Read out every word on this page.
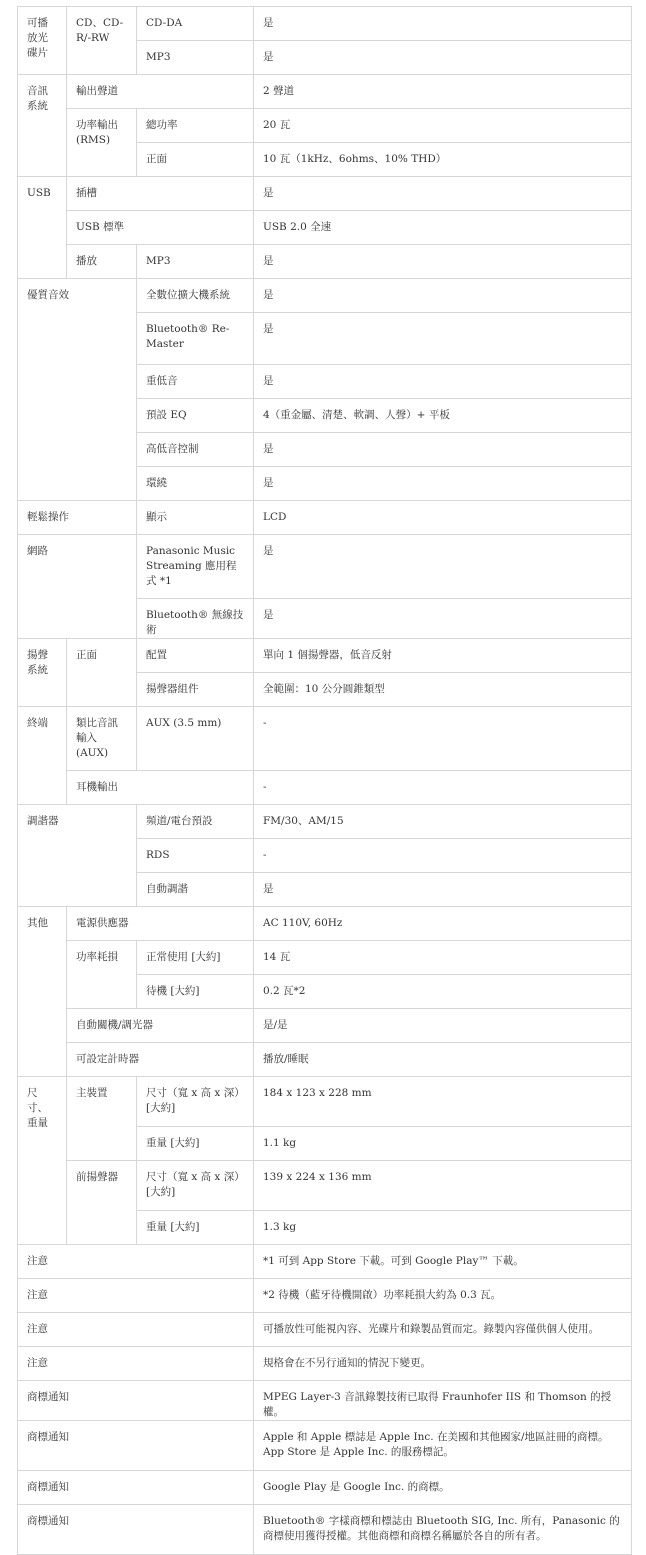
可播放光碟片	CD、CD-R/-RW	CD-DA	是
		MP3	是
音訊系統	輸出聲道		2 聲道
	功率輸出 (RMS)	總功率	20 瓦
		正面	10 瓦（1kHz、6ohms、10% THD）
USB	插槽		是
	USB 標準		USB 2.0 全速
	播放	MP3	是
優質音效		全數位擴大機系統	是
		Bluetooth® Re-Master	是
		重低音	是
		預設 EQ	4（重金屬、清楚、軟調、人聲）+ 平板
		高低音控制	是
		環繞	是
輕鬆操作		顯示	LCD
網路		Panasonic Music Streaming 應用程式 *1	是
		Bluetooth® 無線技術	是
揚聲系統	正面	配置	單向 1 個揚聲器，低音反射
		揚聲器組件	全範圍：10 公分圓錐類型
終端	類比音訊輸入 (AUX)	AUX (3.5 mm)	-
	耳機輸出		-
調諧器		頻道/電台預設	FM/30、AM/15
		RDS	-
		自動調諧	是
其他	電源供應器		AC 110V, 60Hz
	功率耗損	正常使用 [大約]	14 瓦
		待機 [大約]	0.2 瓦*2
	自動關機/調光器		是/是
	可設定計時器		播放/睡眠
尺寸、重量	主裝置	尺寸（寬 x 高 x 深）[大約]	184 x 123 x 228 mm
		重量 [大約]	1.1 kg
	前揚聲器	尺寸（寬 x 高 x 深）[大約]	139 x 224 x 136 mm
		重量 [大約]	1.3 kg
注意			*1 可到 App Store 下載。可到 Google Play™ 下載。
注意			*2 待機（藍牙待機開啟）功率耗損大約為 0.3 瓦。
注意			可播放性可能視內容、光碟片和錄製品質而定。錄製內容僅供個人使用。
注意			規格會在不另行通知的情況下變更。
商標通知			MPEG Layer-3 音訊錄製技術已取得 Fraunhofer IIS 和 Thomson 的授權。
商標通知			Apple 和 Apple 標誌是 Apple Inc. 在美國和其他國家/地區註冊的商標。App Store 是 Apple Inc. 的服務標記。
商標通知			Google Play 是 Google Inc. 的商標。
商標通知			Bluetooth® 字樣商標和標誌由 Bluetooth SIG, Inc. 所有，Panasonic 的商標使用獲得授權。其他商標和商標名稱屬於各自的所有者。
